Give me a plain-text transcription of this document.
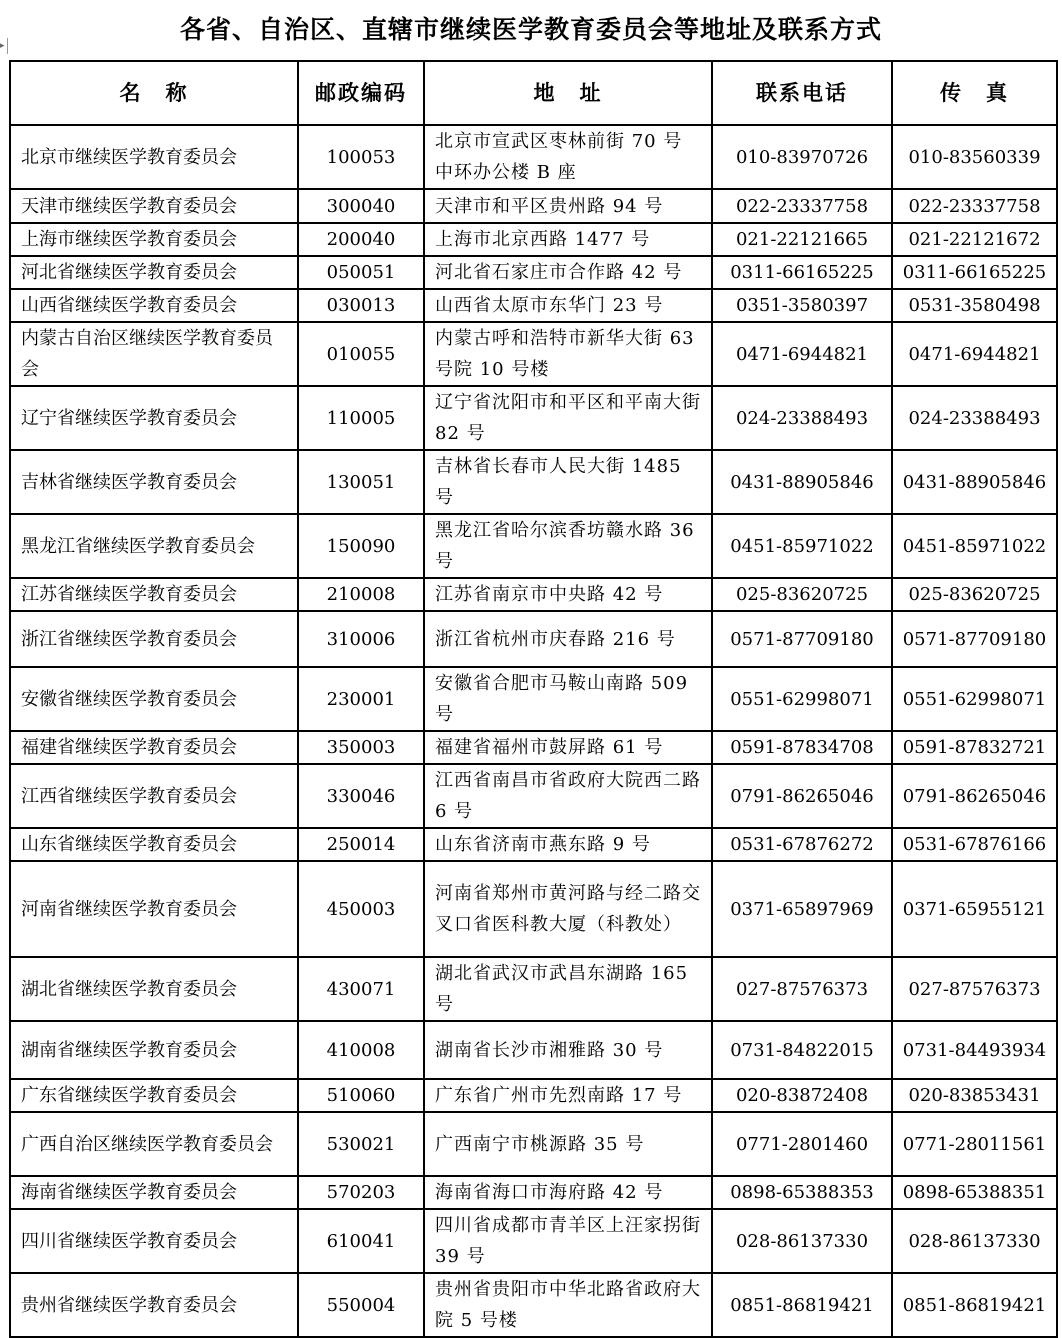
各省、自治区、直辖市继续医学教育委员会等地址及联系方式
▸
名　称	邮政编码	地　址	联系电话	传　真
北京市继续医学教育委员会	100053	北京市宣武区枣林前街 70 号中环办公楼 B 座	010-83970726	010-83560339
天津市继续医学教育委员会	300040	天津市和平区贵州路 94 号	022-23337758	022-23337758
上海市继续医学教育委员会	200040	上海市北京西路 1477 号	021-22121665	021-22121672
河北省继续医学教育委员会	050051	河北省石家庄市合作路 42 号	0311-66165225	0311-66165225
山西省继续医学教育委员会	030013	山西省太原市东华门 23 号	0351-3580397	0531-3580498
内蒙古自治区继续医学教育委员会	010055	内蒙古呼和浩特市新华大街 63 号院 10 号楼	0471-6944821	0471-6944821
辽宁省继续医学教育委员会	110005	辽宁省沈阳市和平区和平南大街 82 号	024-23388493	024-23388493
吉林省继续医学教育委员会	130051	吉林省长春市人民大街 1485 号	0431-88905846	0431-88905846
黑龙江省继续医学教育委员会	150090	黑龙江省哈尔滨香坊赣水路 36 号	0451-85971022	0451-85971022
江苏省继续医学教育委员会	210008	江苏省南京市中央路 42 号	025-83620725	025-83620725
浙江省继续医学教育委员会	310006	浙江省杭州市庆春路 216 号	0571-87709180	0571-87709180
安徽省继续医学教育委员会	230001	安徽省合肥市马鞍山南路 509 号	0551-62998071	0551-62998071
福建省继续医学教育委员会	350003	福建省福州市鼓屏路 61 号	0591-87834708	0591-87832721
江西省继续医学教育委员会	330046	江西省南昌市省政府大院西二路 6 号	0791-86265046	0791-86265046
山东省继续医学教育委员会	250014	山东省济南市燕东路 9 号	0531-67876272	0531-67876166
河南省继续医学教育委员会	450003	河南省郑州市黄河路与经二路交叉口省医科教大厦（科教处）	0371-65897969	0371-65955121
湖北省继续医学教育委员会	430071	湖北省武汉市武昌东湖路 165 号	027-87576373	027-87576373
湖南省继续医学教育委员会	410008	湖南省长沙市湘雅路 30 号	0731-84822015	0731-84493934
广东省继续医学教育委员会	510060	广东省广州市先烈南路 17 号	020-83872408	020-83853431
广西自治区继续医学教育委员会	530021	广西南宁市桃源路 35 号	0771-2801460	0771-28011561
海南省继续医学教育委员会	570203	海南省海口市海府路 42 号	0898-65388353	0898-65388351
四川省继续医学教育委员会	610041	四川省成都市青羊区上汪家拐街 39 号	028-86137330	028-86137330
贵州省继续医学教育委员会	550004	贵州省贵阳市中华北路省政府大院 5 号楼	0851-86819421	0851-86819421
